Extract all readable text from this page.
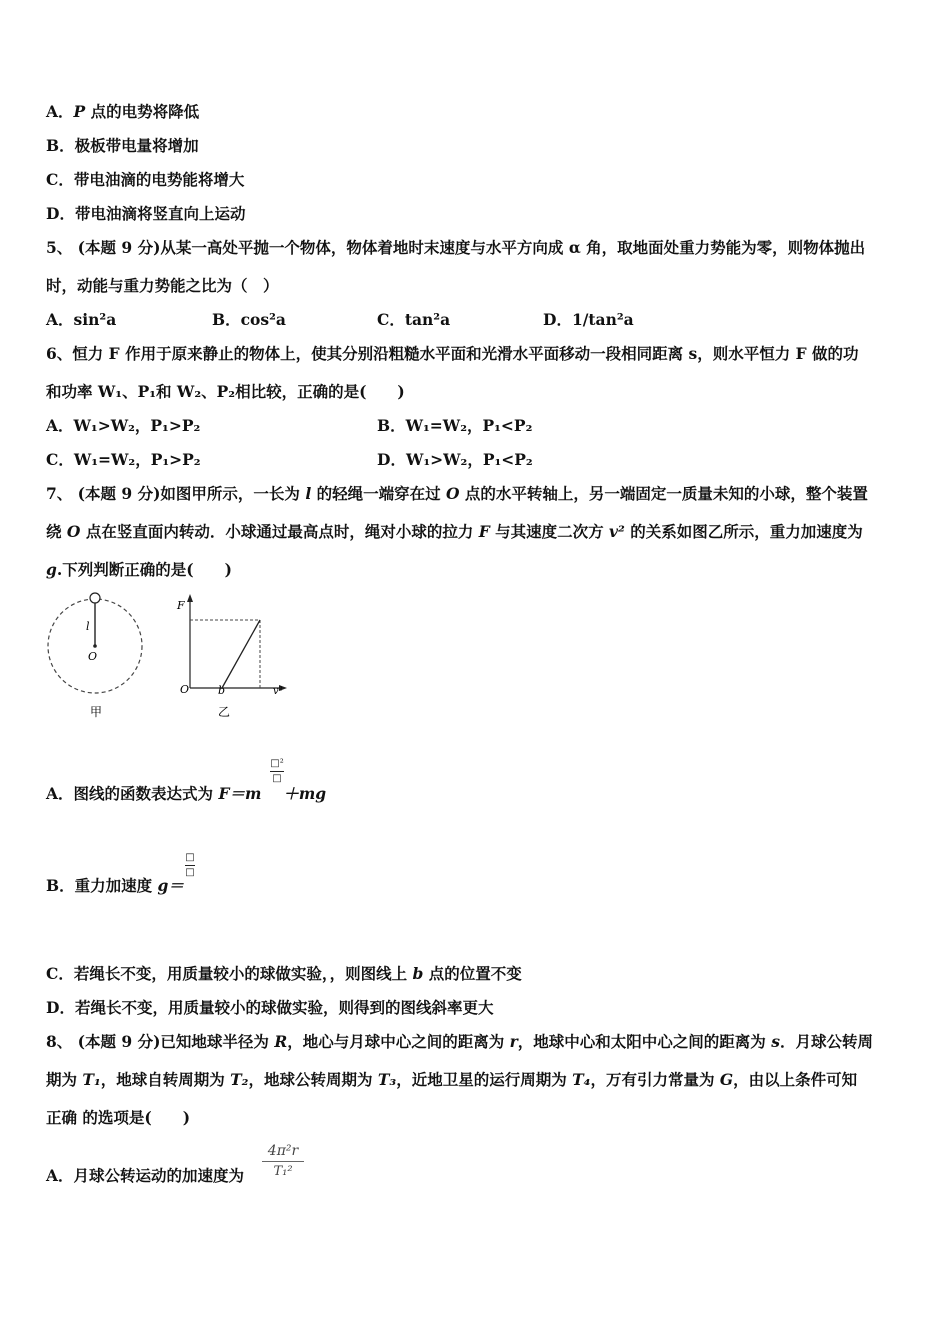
A．P 点的电势将降低
B．极板带电量将增加
C．带电油滴的电势能将增大
D．带电油滴将竖直向上运动
5、 (本题 9 分)从某一高处平抛一个物体，物体着地时末速度与水平方向成 α 角，取地面处重力势能为零，则物体抛出
时，动能与重力势能之比为（　）
A．sin²a	B．cos²a	C．tan²a	D．1/tan²a
6、恒力 F 作用于原来静止的物体上，使其分别沿粗糙水平面和光滑水平面移动一段相同距离 s，则水平恒力 F 做的功
和功率 W₁、P₁和 W₂、P₂相比较，正确的是(　　)
A．W₁>W₂，P₁>P₂	B．W₁=W₂，P₁<P₂
C．W₁=W₂，P₁>P₂	D．W₁>W₂，P₁<P₂
7、 (本题 9 分)如图甲所示，一长为 l 的轻绳一端穿在过 O 点的水平转轴上，另一端固定一质量未知的小球，整个装置
绕 O 点在竖直面内转动．小球通过最高点时，绳对小球的拉力 F 与其速度二次方 v² 的关系如图乙所示，重力加速度为
g.下列判断正确的是(　　)
l
O
甲
F
O	b	v²
乙
A．图线的函数表达式为 F＝m ＋mg
□²
□
B．重力加速度 g＝
□
□
C．若绳长不变，用质量较小的球做实验，，则图线上 b 点的位置不变
D．若绳长不变，用质量较小的球做实验，则得到的图线斜率更大
8、 (本题 9 分)已知地球半径为 R，地心与月球中心之间的距离为 r，地球中心和太阳中心之间的距离为 s．月球公转周
期为 T₁，地球自转周期为 T₂，地球公转周期为 T₃，近地卫星的运行周期为 T₄，万有引力常量为 G，由以上条件可知
正确 的选项是(　　)
A．月球公转运动的加速度为
4π²r
T₁²
